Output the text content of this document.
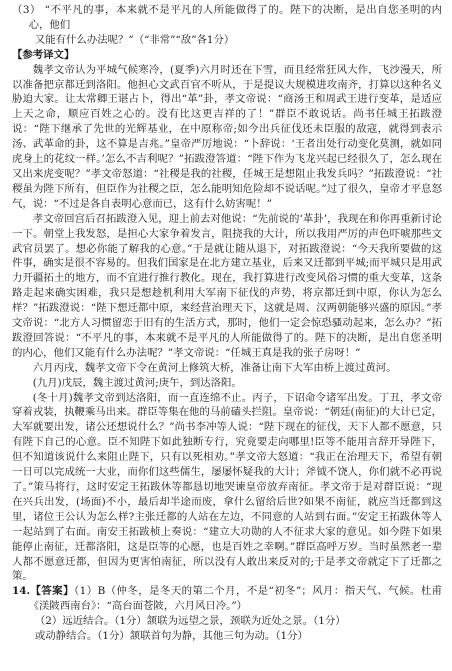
（3） “不平凡的事，本来就不是平凡的人所能做得了的。陛下的决断，是出自您圣明的内心，他们

又能有什么办法呢？”（“非常”“敌”各1分）

【参考译文】

魏孝文帝认为平城气候寒冷，(夏季)六月时还在下雪，而且经常狂风大作，飞沙漫天，所以准备把京都迁到洛阳。他担心文武百官不听从，于是提议大规模进攻南齐，打算以这种名义胁迫大家。让太常卿王谌占卜，得出“革”卦，孝文帝说：“商汤王和周武王进行变革，是适应上天之命，顺应百姓之心的。没有比这更吉祥的了！”群臣不敢说话。尚书任城王拓跋澄说：“陛下继承了先世的光辉基业，在中原称帝;如今出兵征伐还未臣服的敌寇，就得到表示汤、武革命的卦，这不算是吉兆。”皇帝严厉地说：“卜辞说：‘王者出处行动变化莫测，就如同虎身上的花纹一样。’怎么不吉利呢？”拓跋澄答道：“陛下作为飞龙兴起已经很久了，怎么现在又出来虎变呢？”孝文帝怒道：“社稷是我的社稷，任城王是想阻止我发兵吗？”拓跋澄说：“社稷虽为陛下所有，但臣作为社稷之臣，怎么能明知危险却不说话呢。”过了很久，皇帝才平息怒气，说：“不过是各自表明心意而已，这有什么妨害呢！”

孝文帝回宫后召拓跋澄入见，迎上前去对他说：“先前说的‘革卦’，我现在和你再重新讨论一下。朝堂上我发怒，是担心大家争着发言，阻挠我的大计，所以我用严厉的声色吓唬那些文武官员罢了。想必你能了解我的心意。”于是就让随从退下，对拓跋澄说：“今天我所要做的这件事，确实是很不容易的。但我们国家是在北方建立基业，后来又迁都到平城;而平城只是用武力开疆拓土的地方，而不宜进行推行教化。现在，我打算进行改变风俗习惯的重大变革，这条路走起来确实困难，我只是想趁机利用大军南下征伐的声势，将京都迁到中原，你认为怎么样？”拓跋澄说：“陛下想迁都中原，来经营治理天下，这就是周、汉两朝能够兴盛的原因。”孝文帝说：“北方人习惯留恋于旧有的生活方式，那时，他们一定会惊恐骚动起来，怎么办？”拓跋澄回答说：“不平凡的事，本来就不是平凡的人所能做得了的。陛下的决断，是出自您圣明的内心，他们又能有什么办法呢？”孝文帝说：“任城王真是我的张子房呀！”

六月丙戌，魏孝文帝下令在黄河上修筑大桥，准备让南下大军由桥上渡过黄河。

(九月)戊辰，魏主渡过黄河;庚午，到达洛阳。

(冬十月)魏孝文帝到达洛阳，而一直连绵不止。丙子，下诏命令诸军出发。丁丑，孝文帝穿着戎装，执鞭乘马出来。群臣等集在他的马前磕头拦阻。皇帝说：“朝廷(南征)的大计已定，大军就要出发，诸公还想说什么？”尚书李冲等人说：“陛下现在的征伐，天下人都不愿意，只有陛下自己的心意。臣不知陛下如此独断专行，究竟要走向哪里!臣等不能用言辞开导陛下，但不知道该说什么来阻止陛下，只有以死相劝。”孝文帝大怒道：“我正在治理天下，希望有朝一日可以完成统一大业，而你们这些儒生，屡屡怀疑我的大计；斧钺不饶人，你们就不必再说了。”策马将行，这时安定王拓跋休等都恳切地哭谏皇帝放弃南征。孝文帝于是对群臣说：“现在兴兵出发，(场面)不小，最后却半途而废，拿什么留给后世?如果不南征，就应当迁都到这里，诸位王公认为怎么样?主张迁都的人站在左边，不同意的人站到右面。”安定王拓跋休等人一起站到了右面。南安王拓跋桢上奏说：“建立大功勋的人不征求大家的意见。如今陛下如果能停止南征，迁都洛阳，这是臣等的心愿，也是百姓之幸啊。”群臣高呼万岁。当时虽然老一辈人都不愿意迁都，但因为更害怕南征，所以没有人敢出来反对的;于是孝文帝就定下了迁都之策。

14.【答案】（1）B（仲冬，是冬天的第二个月，不是“初冬”；风月：指天气、气候。杜甫《渼陂西南台》：“高台面苍陂，六月风日冷。”）

（2）远近结合。（1分）颔联为远望之景，颈联为近处之景。（1分）

或动静结合。（1分）颔联首句为静，其他三句为动。（1分）
